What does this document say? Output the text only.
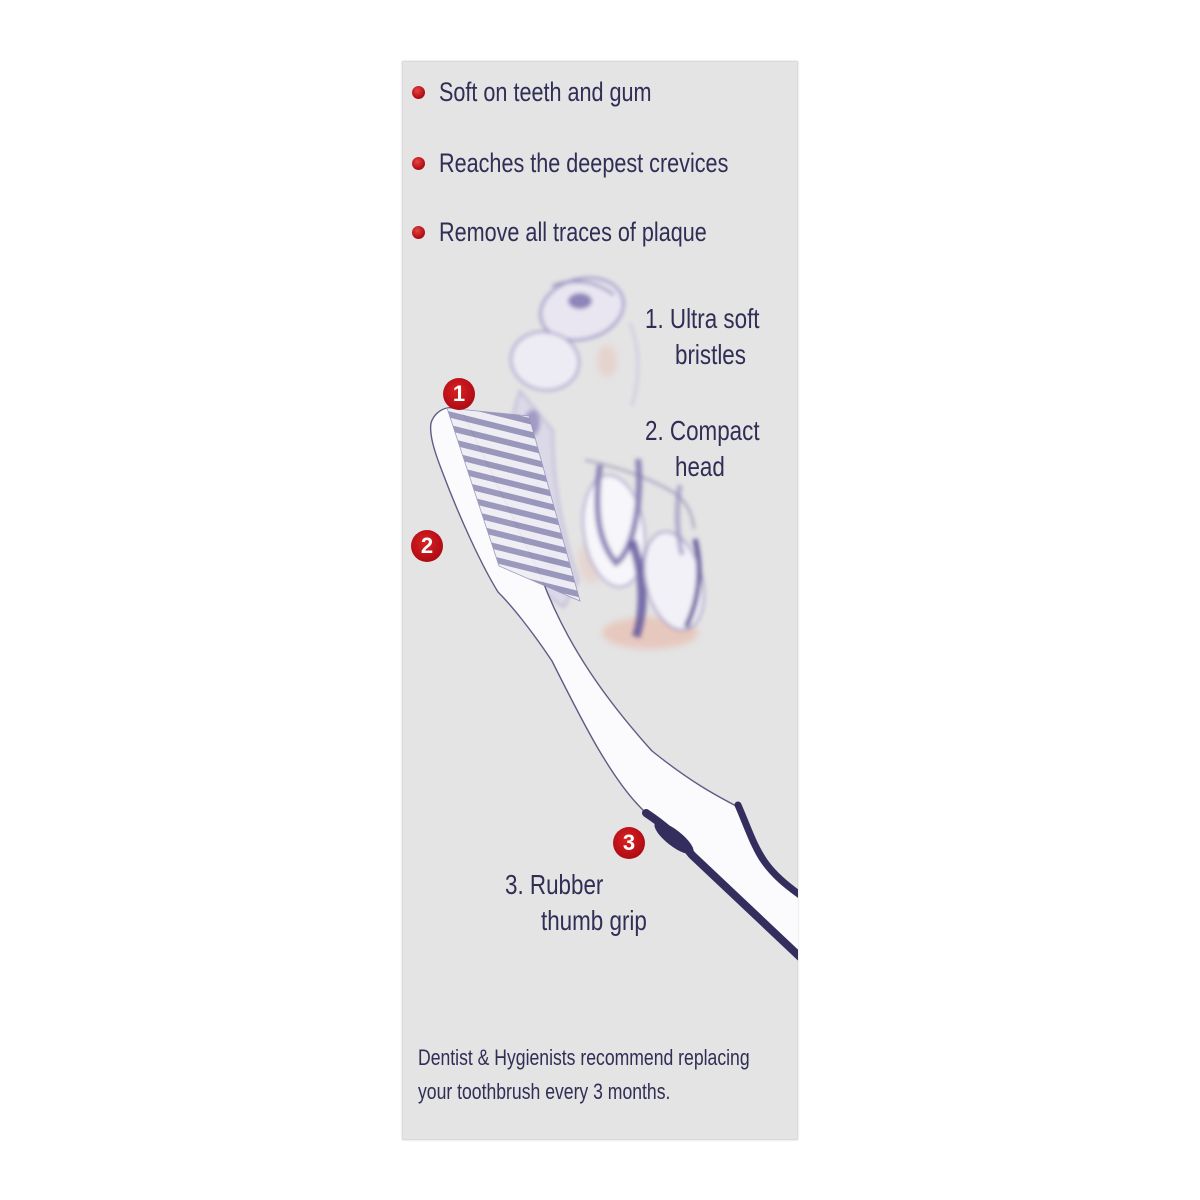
Soft on teeth and gum
Reaches the deepest crevices
Remove all traces of plaque
1
2
3
1. Ultra soft
bristles
2. Compact
head
3. Rubber
thumb grip
Dentist & Hygienists recommend replacing
your toothbrush every 3 months.
